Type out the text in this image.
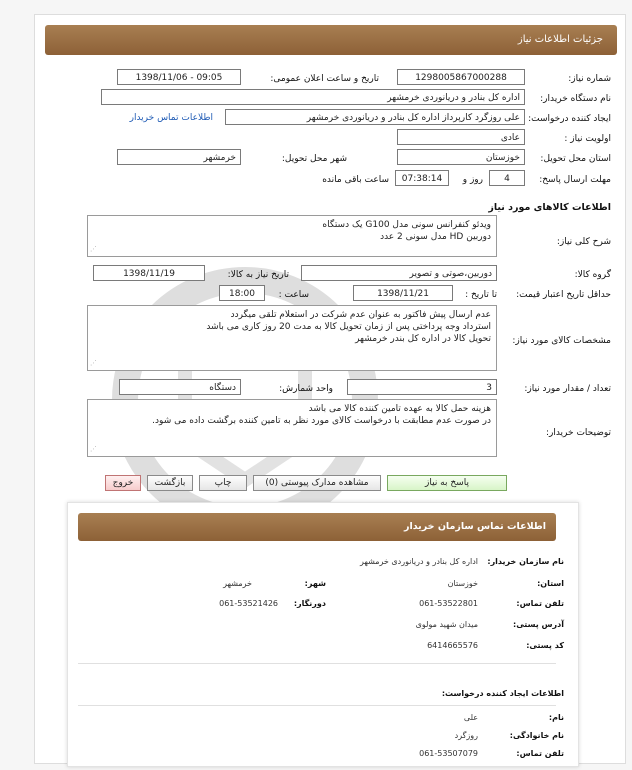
جزئیات اطلاعات نیاز
شماره نیاز:
1298005867000288
تاریخ و ساعت اعلان عمومی:
1398/11/06 - 09:05
نام دستگاه خریدار:
اداره کل بنادر و دریانوردی خرمشهر
ایجاد کننده درخواست:
علی روزگرد کارپرداز اداره کل بنادر و دریانوردی خرمشهر
اطلاعات تماس خریدار
اولویت نیاز :
عادی
استان محل تحویل:
خوزستان
شهر محل تحویل:
خرمشهر
مهلت ارسال پاسخ:
4
روز و
07:38:14
ساعت باقی مانده
اطلاعات کالاهای مورد نیاز
شرح کلی نیاز:
ویدئو کنفرانس سونی مدل G100 یک دستگاه
دوربین HD مدل سونی 2 عدد
⋰
گروه کالا:
دوربین،صوتی و تصویر
تاریخ نیاز به کالا:
1398/11/19
حداقل تاریخ اعتبار قیمت:
تا تاریخ :
1398/11/21
ساعت :
18:00
مشخصات کالای مورد نیاز:
عدم ارسال پیش فاکتور به عنوان عدم شرکت در استعلام تلقی میگردد
استرداد وجه پرداختی پس از زمان تحویل کالا به مدت 20 روز کاری می باشد
تحویل کالا در اداره کل بندر خرمشهر
⋰
تعداد / مقدار مورد نیاز:
3
واحد شمارش:
دستگاه
توضیحات خریدار:
هزینه حمل کالا به عهده تامین کننده کالا می باشد
در صورت عدم مطابقت با درخواست کالای مورد نظر به تامین کننده برگشت داده می شود.
⋰
پاسخ به نیاز
مشاهده مدارک پیوستی (0)
چاپ
بازگشت
خروج
اطلاعات تماس سازمان خریدار
نام سازمان خریدار:
اداره کل بنادر و دریانوردی خرمشهر
استان:
خوزستان
شهر:
خرمشهر
تلفن تماس:
061-53522801
دورنگار:
061-53521426
آدرس پستی:
میدان شهید مولوی
کد پستی:
6414665576
اطلاعات ایجاد کننده درخواست:
نام:
علی
نام خانوادگی:
روزگرد
تلفن تماس:
061-53507079
